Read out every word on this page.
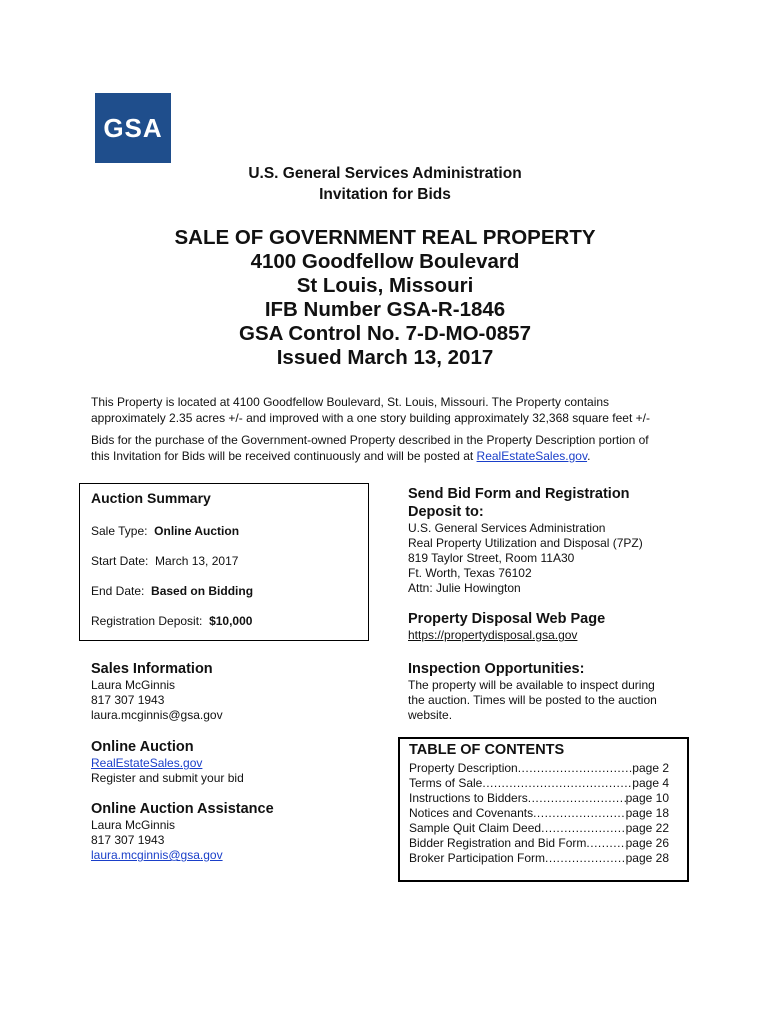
GSA
U.S. General Services Administration
Invitation for Bids
SALE OF GOVERNMENT REAL PROPERTY
4100 Goodfellow Boulevard
St Louis, Missouri
IFB Number GSA-R-1846
GSA Control No. 7-D-MO-0857
Issued March 13, 2017
This Property is located at 4100 Goodfellow Boulevard, St. Louis, Missouri. The Property contains
approximately 2.35 acres +/- and improved with a one story building approximately 32,368 square feet +/-
Bids for the purchase of the Government-owned Property described in the Property Description portion of
this Invitation for Bids will be received continuously and will be posted at RealEstateSales.gov.
Auction Summary
Sale Type: Online Auction
Start Date: March 13, 2017
End Date: Based on Bidding
Registration Deposit: $10,000
Send Bid Form and Registration
Deposit to:
U.S. General Services Administration
Real Property Utilization and Disposal (7PZ)
819 Taylor Street, Room 11A30
Ft. Worth, Texas 76102
Attn: Julie Howington
Property Disposal Web Page
https://propertydisposal.gsa.gov
Sales Information
Laura McGinnis
817 307 1943
laura.mcginnis@gsa.gov
Inspection Opportunities:
The property will be available to inspect during
the auction. Times will be posted to the auction
website.
Online Auction
RealEstateSales.gov
Register and submit your bid
Online Auction Assistance
Laura McGinnis
817 307 1943
laura.mcginnis@gsa.gov
TABLE OF CONTENTS
Property Description .....	page 2
Terms of Sale .....	page 4
Instructions to Bidders .....	page 10
Notices and Covenants .....	page 18
Sample Quit Claim Deed .....	page 22
Bidder Registration and Bid Form .....	page 26
Broker Participation Form .....	page 28
